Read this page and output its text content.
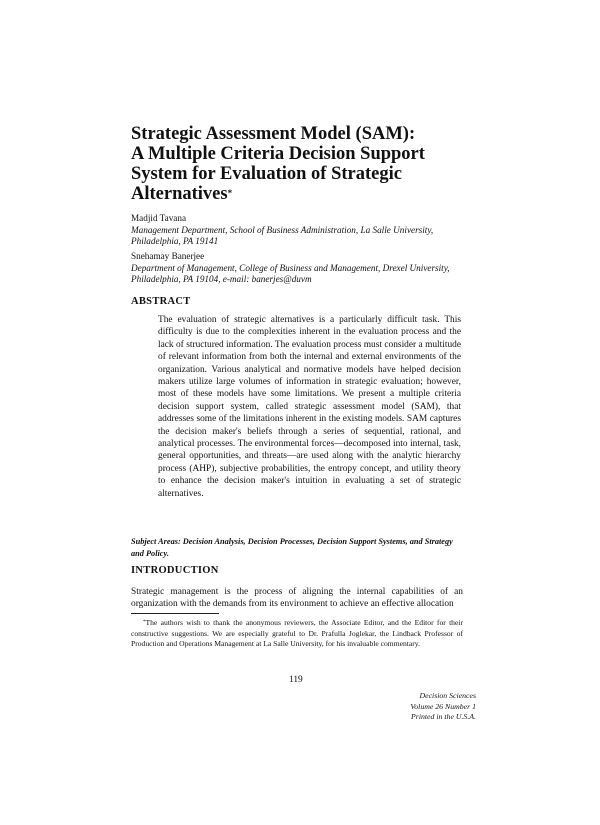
Strategic Assessment Model (SAM):
A Multiple Criteria Decision Support
System for Evaluation of Strategic
Alternatives*
Madjid Tavana
Management Department, School of Business Administration, La Salle University,
Philadelphia, PA 19141
Snehamay Banerjee
Department of Management, College of Business and Management, Drexel University,
Philadelphia, PA 19104, e-mail: banerjes@duvm
ABSTRACT

The evaluation of strategic alternatives is a particularly difficult task. This difficulty is due to the complexities inherent in the evaluation process and the lack of structured information. The evaluation process must consider a multitude of relevant information from both the internal and external environments of the organization. Various analytical and normative models have helped decision makers utilize large volumes of information in strategic evaluation; however, most of these models have some limitations. We present a multiple criteria decision support system, called strategic assessment model (SAM), that addresses some of the limitations inherent in the existing models. SAM captures the decision maker's beliefs through a series of sequential, rational, and analytical processes. The environmental forces—decomposed into internal, task, general opportunities, and threats—are used along with the analytic hierarchy process (AHP), subjective probabilities, the entropy concept, and utility theory to enhance the decision maker's intuition in evaluating a set of strategic alternatives.

Subject Areas: Decision Analysis, Decision Processes, Decision Support Systems, and Strategy and Policy.

INTRODUCTION

Strategic management is the process of aligning the internal capabilities of an organization with the demands from its environment to achieve an effective allocation

*The authors wish to thank the anonymous reviewers, the Associate Editor, and the Editor for their constructive suggestions. We are especially grateful to Dr. Prafulla Joglekar, the Lindback Professor of Production and Operations Management at La Salle University, for his invaluable commentary.

119

Decision Sciences
Volume 26 Number 1
Printed in the U.S.A.
